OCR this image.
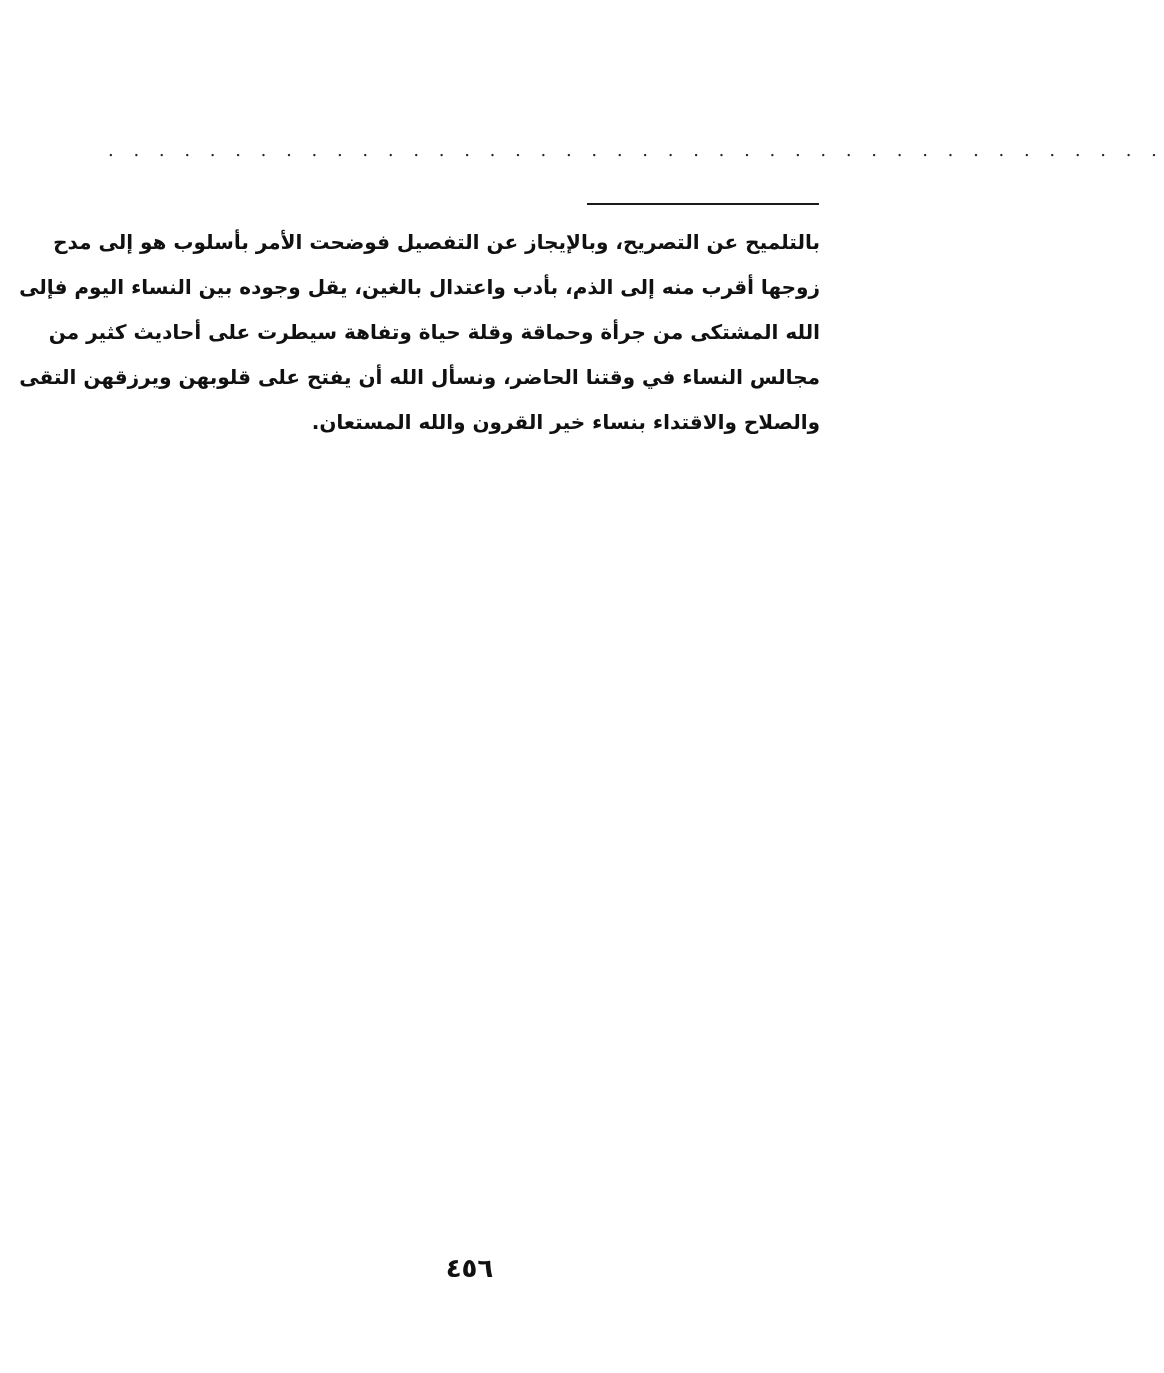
. . . . . . . . . . . . . . . . . . . . . . . . . . . . . . . . . . . . . . . . . .
بالتلميح عن التصريح، وبالإيجاز عن التفصيل فوضحت الأمر بأسلوب هو إلى مدح
زوجها أقرب منه إلى الذم، بأدب واعتدال بالغين، يقل وجوده بين النساء اليوم فإلى
الله المشتكى من جرأة وحماقة وقلة حياة وتفاهة سيطرت على أحاديث كثير من
مجالس النساء في وقتنا الحاضر، ونسأل الله أن يفتح على قلوبهن ويرزقهن التقى
والصلاح والاقتداء بنساء خير القرون والله المستعان.
٤٥٦
